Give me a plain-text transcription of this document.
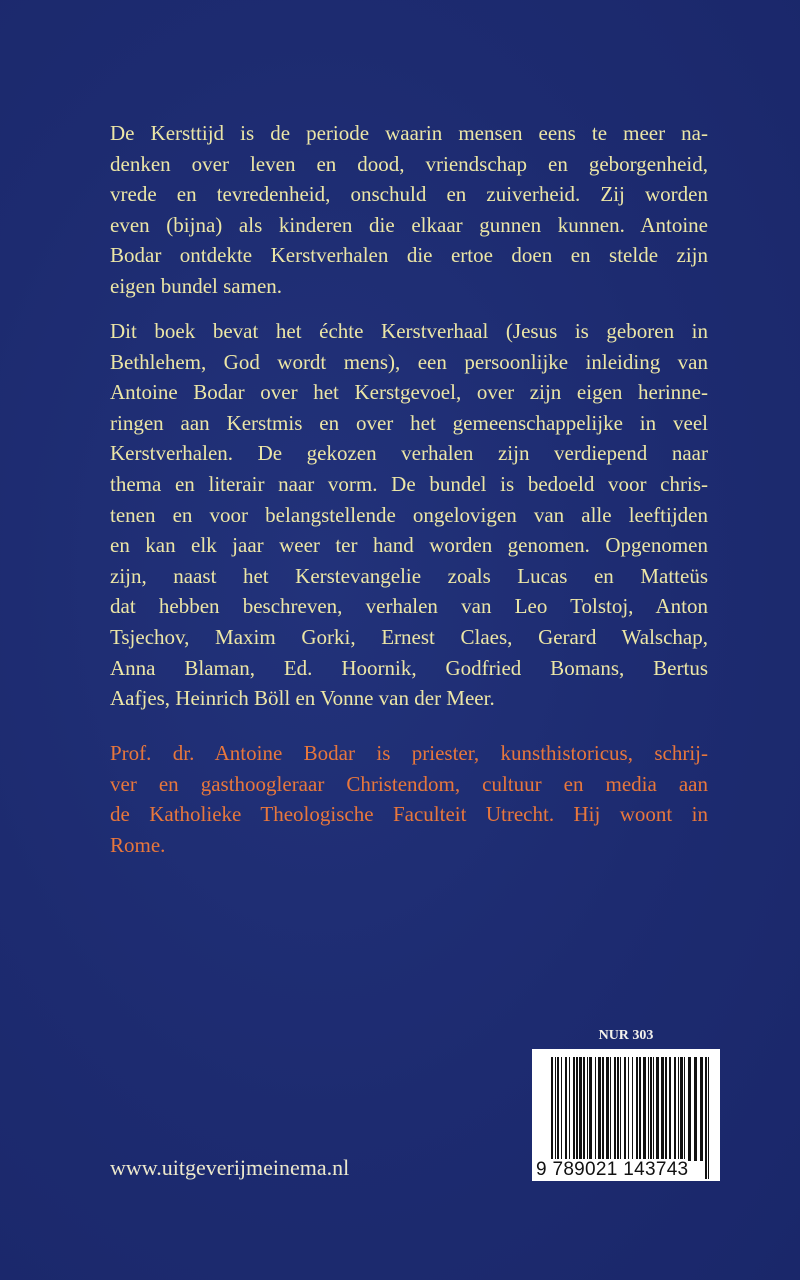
De Kersttijd is de periode waarin mensen eens te meer na-
denken over leven en dood, vriendschap en geborgenheid,
vrede en tevredenheid, onschuld en zuiverheid. Zij worden
even (bijna) als kinderen die elkaar gunnen kunnen. Antoine
Bodar ontdekte Kerstverhalen die ertoe doen en stelde zijn
eigen bundel samen.
Dit boek bevat het échte Kerstverhaal (Jesus is geboren in
Bethlehem, God wordt mens), een persoonlijke inleiding van
Antoine Bodar over het Kerstgevoel, over zijn eigen herinne-
ringen aan Kerstmis en over het gemeenschappelijke in veel
Kerstverhalen. De gekozen verhalen zijn verdiepend naar
thema en literair naar vorm. De bundel is bedoeld voor chris-
tenen en voor belangstellende ongelovigen van alle leeftijden
en kan elk jaar weer ter hand worden genomen. Opgenomen
zijn, naast het Kerstevangelie zoals Lucas en Matteüs
dat hebben beschreven, verhalen van Leo Tolstoj, Anton
Tsjechov, Maxim Gorki, Ernest Claes, Gerard Walschap,
Anna Blaman, Ed. Hoornik, Godfried Bomans, Bertus
Aafjes, Heinrich Böll en Vonne van der Meer.
Prof. dr. Antoine Bodar is priester, kunsthistoricus, schrij-
ver en gasthoogleraar Christendom, cultuur en media aan
de Katholieke Theologische Faculteit Utrecht. Hij woont in
Rome.
NUR 303
9 789021 143743
www.uitgeverijmeinema.nl
